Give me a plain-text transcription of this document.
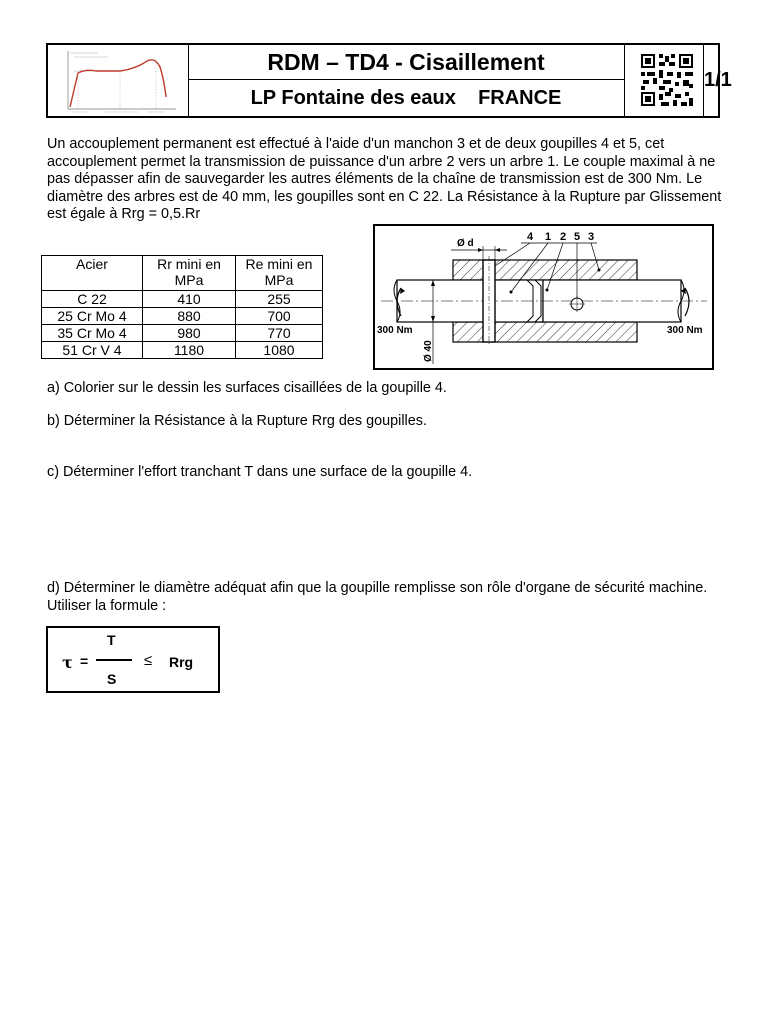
RDM – TD4 - Cisaillement
LP Fontaine des eaux    FRANCE
1/1
Un accouplement permanent est effectué à l'aide d'un manchon 3 et de deux goupilles 4 et 5, cet accouplement permet la transmission de puissance d'un arbre 2 vers un arbre 1. Le couple maximal à ne pas dépasser afin de sauvegarder les autres éléments de la chaîne de transmission est de 300 Nm. Le diamètre des arbres est de 40 mm, les goupilles sont en C 22. La Résistance à la Rupture par Glissement est égale à Rrg = 0,5.Rr
Acier	Rr mini en MPa	Re mini en MPa
C 22	410	255
25 Cr Mo 4	880	700
35 Cr Mo 4	980	770
51 Cr V 4	1180	1080
4 1 2 5 3
Ø d
Ø 40
300 Nm	300 Nm
a) Colorier sur le dessin les surfaces cisaillées de la goupille 4.
b) Déterminer la Résistance à la Rupture Rrg des goupilles.
c) Déterminer l'effort tranchant T dans une surface de la goupille 4.
d) Déterminer le diamètre adéquat afin que la goupille remplisse son rôle d'organe de sécurité machine. Utiliser la formule :
τ =
T
S
≤ Rrg
